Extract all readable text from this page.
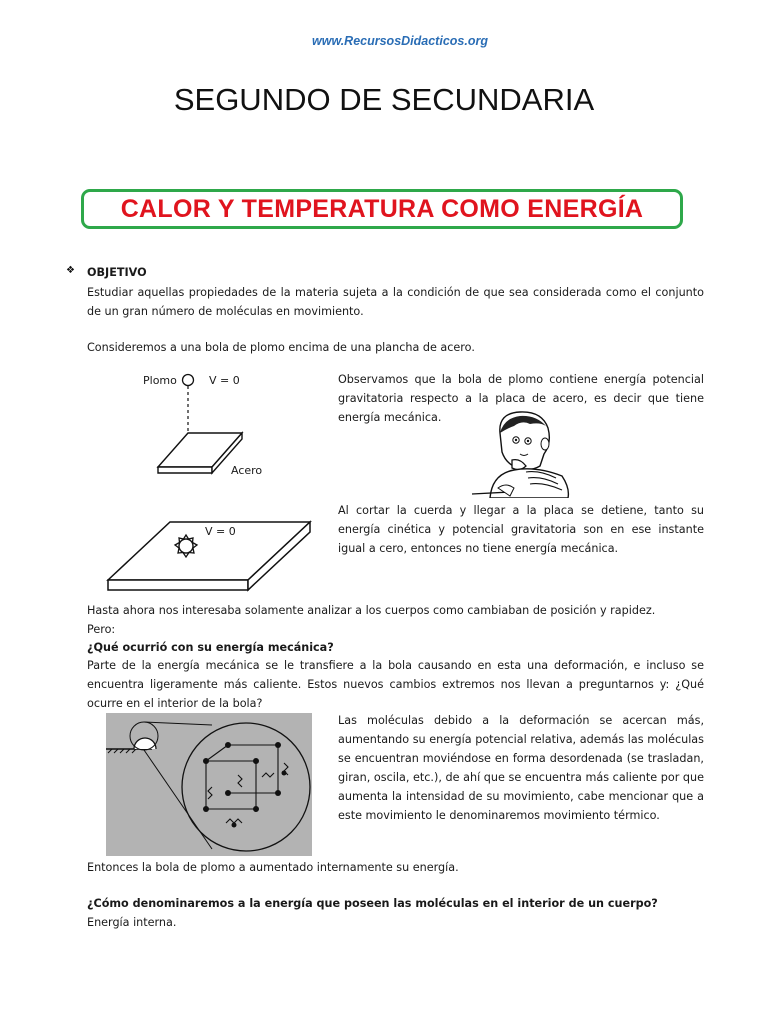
www.RecursosDidacticos.org
SEGUNDO DE SECUNDARIA
CALOR Y TEMPERATURA COMO ENERGÍA
❖ OBJETIVO
Estudiar aquellas propiedades de la materia sujeta a la condición de que sea considerada como el conjunto de un gran número de moléculas en movimiento.
Consideremos a una bola de plomo encima de una plancha de acero.
Plomo	V = 0
Acero
Observamos que la bola de plomo contiene energía potencial gravitatoria respecto a la placa de acero, es decir que tiene energía mecánica.
V = 0
Al cortar la cuerda y llegar a la placa se detiene, tanto su energía cinética y potencial gravitatoria son en ese instante igual a cero, entonces no tiene energía mecánica.
Hasta ahora nos interesaba solamente analizar a los cuerpos como cambiaban de posición y rapidez.
Pero:
¿Qué ocurrió con su energía mecánica?
Parte de la energía mecánica se le transfiere a la bola causando en esta una deformación, e incluso se encuentra ligeramente más caliente. Estos nuevos cambios extremos nos llevan a preguntarnos y: ¿Qué ocurre en el interior de la bola?
Las moléculas debido a la deformación se acercan más, aumentando su energía potencial relativa, además las moléculas se encuentran moviéndose en forma desordenada (se trasladan, giran, oscila, etc.), de ahí que se encuentra más caliente por que aumenta la intensidad de su movimiento, cabe mencionar que a este movimiento le denominaremos movimiento térmico.
Entonces la bola de plomo a aumentado internamente su energía.
¿Cómo denominaremos a la energía que poseen las moléculas en el interior de un cuerpo?
Energía interna.
